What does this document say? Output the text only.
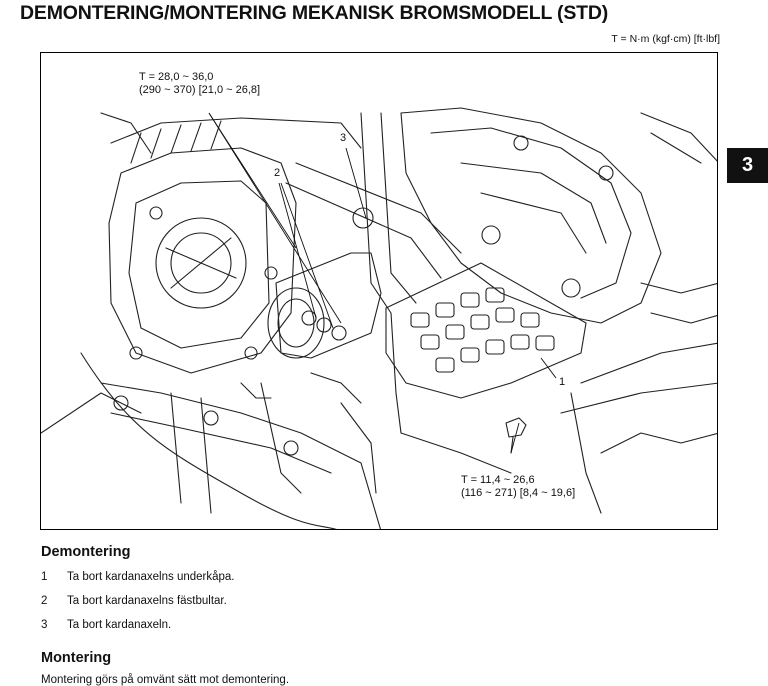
DEMONTERING/MONTERING MEKANISK BROMSMODELL (STD)
T = N·m (kgf·cm) [ft·lbf]
3
T = 28,0 ~ 36,0
(290 ~ 370) [21,0 ~ 26,8]
T = 11,4 ~ 26,6
(116 ~ 271) [8,4 ~ 19,6]
1
2
3
Demontering
1 Ta bort kardanaxelns underkåpa.
2 Ta bort kardanaxelns fästbultar.
3 Ta bort kardanaxeln.
Montering
Montering görs på omvänt sätt mot demontering.
